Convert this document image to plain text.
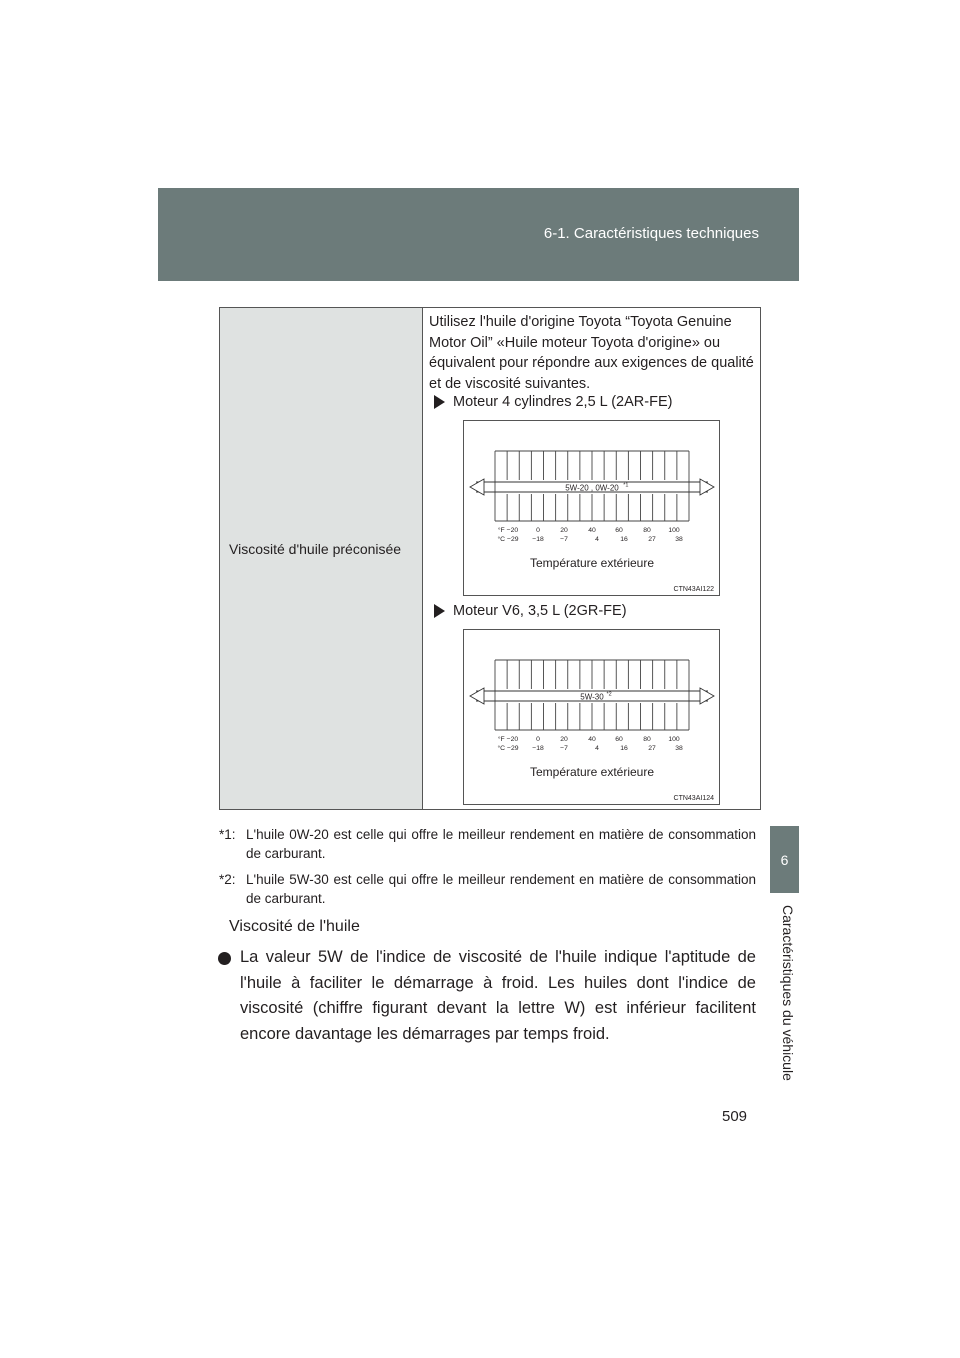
6-1. Caractéristiques techniques
6
Caractéristiques du véhicule
Viscosité d'huile préconisée
Utilisez l'huile d'origine Toyota “Toyota Genuine Motor Oil” «Huile moteur Toyota d'origine» ou équivalent pour répondre aux exigences de qualité et de viscosité suivantes.
Moteur 4 cylindres 2,5 L (2AR-FE)
5W-20 , 0W-20 *1
°F −20	0	20	40	60	80	100
°C −29 −18 −7	4	16	27	38
Température extérieure
CTN43AI122
Moteur V6, 3,5 L (2GR-FE)
5W-30 *2
°F −20	0	20	40	60	80	100
°C −29 −18 −7	4	16	27	38
Température extérieure
CTN43AI124
*1: L'huile 0W-20 est celle qui offre le meilleur rendement en matière de consommation de carburant.
*2: L'huile 5W-30 est celle qui offre le meilleur rendement en matière de consommation de carburant.
Viscosité de l'huile
La valeur 5W de l'indice de viscosité de l'huile indique l'aptitude de l'huile à faciliter le démarrage à froid. Les huiles dont l'indice de viscosité (chiffre figurant devant la lettre W) est inférieur facilitent encore davantage les démarrages par temps froid.
509
